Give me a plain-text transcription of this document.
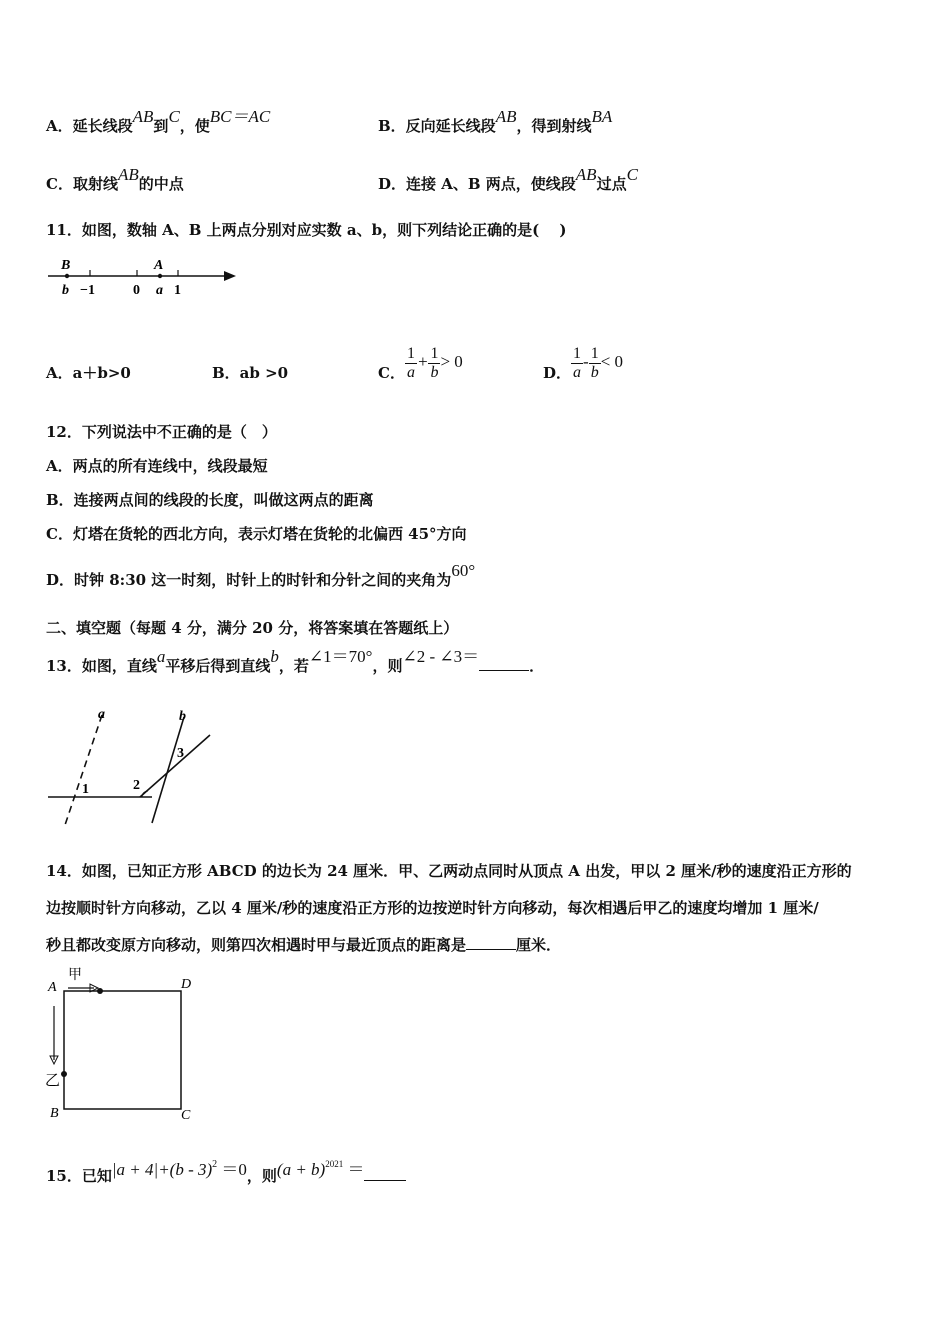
A．延长线段AB到C，使BC＝AC	B．反向延长线段AB，得到射线BA
C．取射线AB的中点	D．连接 A、B 两点，使线段AB过点C
11．如图，数轴 A、B 上两点分别对应实数 a、b，则下列结论正确的是(　 )
B	A
b −1	0 a 1
A．a＋b>0	B．ab >0	C． $\frac{1}{a} + \frac{1}{b} > 0$
D． $\frac{1}{a} - \frac{1}{b} < 0$
12．下列说法中不正确的是（　）
A．两点的所有连线中，线段最短
B．连接两点间的线段的长度，叫做这两点的距离
C．灯塔在货轮的西北方向，表示灯塔在货轮的北偏西 45°方向
D．时钟 8:30 这一时刻，时针上的时针和分针之间的夹角为60°
二、填空题（每题 4 分，满分 20 分，将答案填在答题纸上）
13．如图，直线a平移后得到直线b，若∠1＝70°，则∠2 - ∠3＝	．
a	b
1	2
3
14．如图，已知正方形 ABCD 的边长为 24 厘米．甲、乙两动点同时从顶点 A 出发，甲以 2 厘米/秒的速度沿正方形的
边按顺时针方向移动，乙以 4 厘米/秒的速度沿正方形的边按逆时针方向移动，每次相遇后甲乙的速度均增加 1 厘米/
秒且都改变原方向移动，则第四次相遇时甲与最近顶点的距离是	厘米．
甲
A	D
乙
B	C
15．已知|a + 4|+(b - 3)$^2$ ＝0，则$(a + b)^{2021}$ ＝
